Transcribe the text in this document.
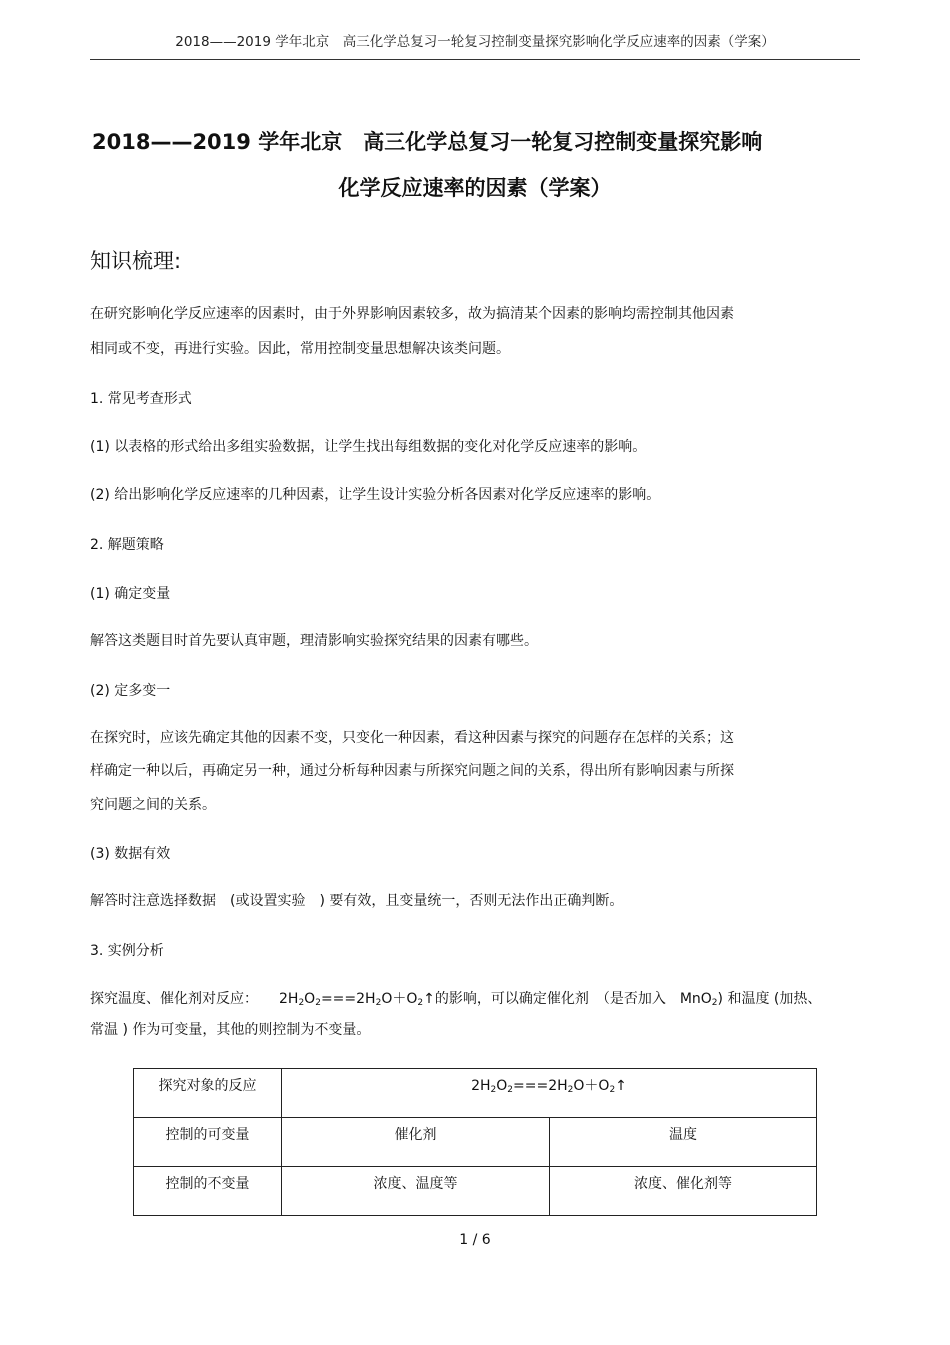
2018——2019 学年北京　高三化学总复习一轮复习控制变量探究影响化学反应速率的因素（学案）
2018——2019 学年北京　高三化学总复习一轮复习控制变量探究影响
化学反应速率的因素（学案）
知识梳理:
在研究影响化学反应速率的因素时，由于外界影响因素较多，故为搞清某个因素的影响均需控制其他因素
相同或不变，再进行实验。因此，常用控制变量思想解决该类问题。
1. 常见考查形式
(1) 以表格的形式给出多组实验数据，让学生找出每组数据的变化对化学反应速率的影响。
(2) 给出影响化学反应速率的几种因素，让学生设计实验分析各因素对化学反应速率的影响。
2. 解题策略
(1) 确定变量
解答这类题目时首先要认真审题，理清影响实验探究结果的因素有哪些。
(2) 定多变一
在探究时，应该先确定其他的因素不变，只变化一种因素，看这种因素与探究的问题存在怎样的关系；这
样确定一种以后，再确定另一种，通过分析每种因素与所探究问题之间的关系，得出所有影响因素与所探
究问题之间的关系。
(3) 数据有效
解答时注意选择数据　(或设置实验　) 要有效，且变量统一，否则无法作出正确判断。
3. 实例分析
探究温度、催化剂对反应：　　2H2O2===2H2O＋O2↑的影响，可以确定催化剂　（是否加入　MnO2) 和温度 (加热、
常温 ) 作为可变量，其他的则控制为不变量。
探究对象的反应	2H2O2===2H2O＋O2↑	
控制的可变量	催化剂	温度
控制的不变量	浓度、温度等	浓度、催化剂等
1 / 6
